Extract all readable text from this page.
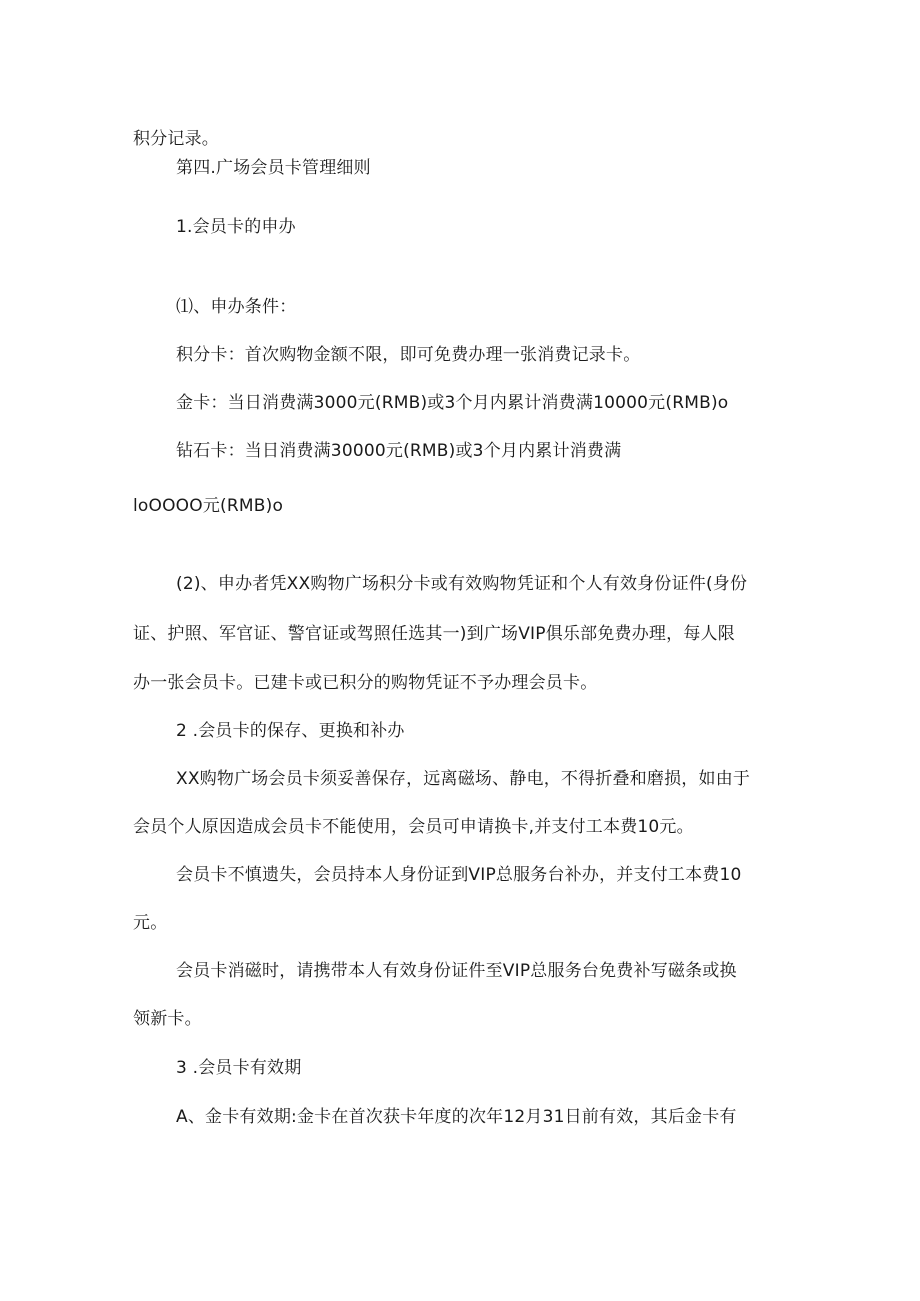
积分记录。
第四.广场会员卡管理细则
1.会员卡的申办
⑴、申办条件：
积分卡：首次购物金额不限，即可免费办理一张消费记录卡。
金卡：当日消费满3000元(RMB)或3个月内累计消费满10000元(RMB)o
钻石卡：当日消费满30000元(RMB)或3个月内累计消费满
loOOOO元(RMB)o
(2)、申办者凭XX购物广场积分卡或有效购物凭证和个人有效身份证件(身份
证、护照、军官证、警官证或驾照任选其一)到广场VIP俱乐部免费办理，每人限
办一张会员卡。已建卡或已积分的购物凭证不予办理会员卡。
2 .会员卡的保存、更换和补办
XX购物广场会员卡须妥善保存，远离磁场、静电，不得折叠和磨损，如由于
会员个人原因造成会员卡不能使用，会员可申请换卡,并支付工本费10元。
会员卡不慎遗失，会员持本人身份证到VIP总服务台补办，并支付工本费10
元。
会员卡消磁时，请携带本人有效身份证件至VIP总服务台免费补写磁条或换
领新卡。
3 .会员卡有效期
A、金卡有效期:金卡在首次获卡年度的次年12月31日前有效，其后金卡有
